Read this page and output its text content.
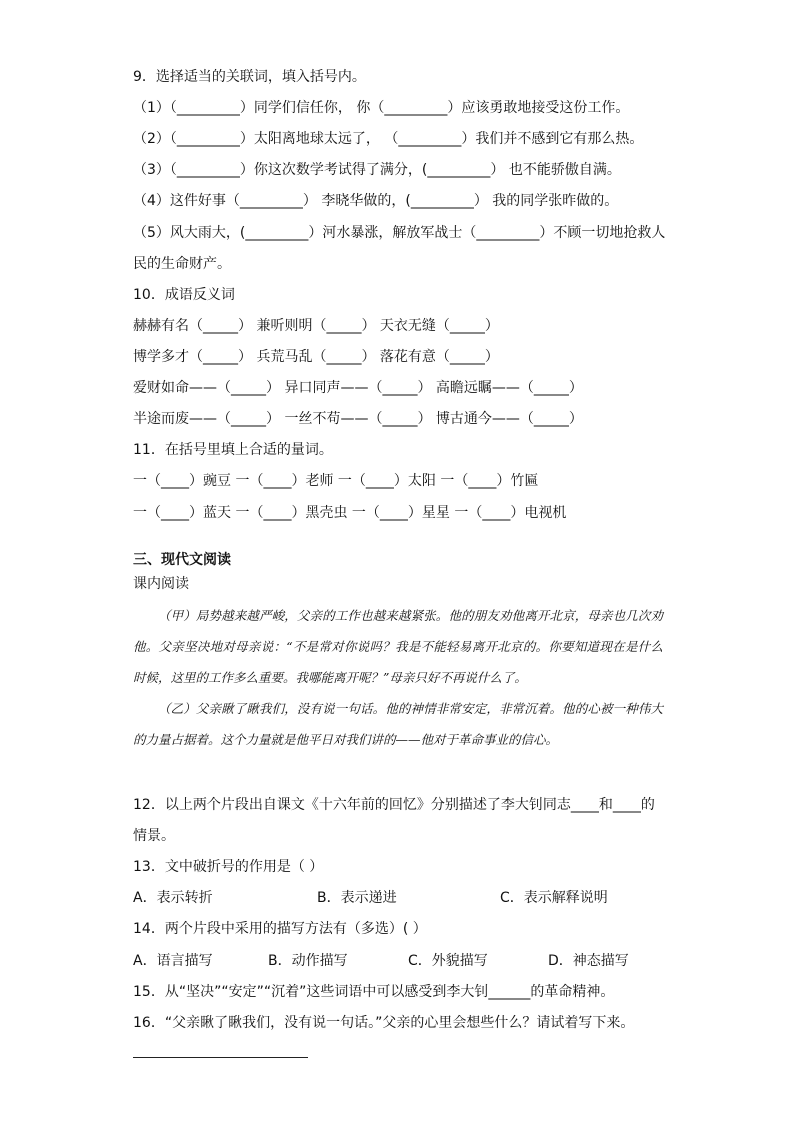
9．选择适当的关联词，填入括号内。
（1）（_________）同学们信任你， 你（_________）应该勇敢地接受这份工作。
（2）（_________）太阳离地球太远了， （_________）我们并不感到它有那么热。
（3）（_________）你这次数学考试得了满分，(_________） 也不能骄傲自满。
（4）这件好事（_________） 李晓华做的，(_________） 我的同学张昨做的。
（5）风大雨大，(_________）河水暴涨，解放军战士（_________）不顾一切地抢救人
民的生命财产。
10．成语反义词
赫赫有名（_____） 兼听则明（_____） 天衣无缝（_____）
博学多才（_____） 兵荒马乱（_____） 落花有意（_____）
爱财如命——（_____） 异口同声——（_____） 高瞻远瞩——（_____）
半途而废——（_____） 一丝不苟——（_____） 博古通今——（_____）
11．在括号里填上合适的量词。
一（____）豌豆 一（____）老师 一（____）太阳 一（____）竹匾
一（____）蓝天 一（____）黑壳虫 一（____）星星 一（____）电视机
三、现代文阅读
课内阅读

（甲）局势越来越严峻，父亲的工作也越来越紧张。他的朋友劝他离开北京，母亲也几次劝他。父亲坚决地对母亲说：“不是常对你说吗？我是不能轻易离开北京的。你要知道现在是什么时候，这里的工作多么重要。我哪能离开呢？”母亲只好不再说什么了。

（乙）父亲瞅了瞅我们，没有说一句话。他的神情非常安定，非常沉着。他的心被一种伟大的力量占据着。这个力量就是他平日对我们讲的——他对于革命事业的信心。

12．以上两个片段出自课文《十六年前的回忆》分别描述了李大钊同志____和____的
情景。
13．文中破折号的作用是（ ）
A．表示转折	B．表示递进	C．表示解释说明
14．两个片段中采用的描写方法有（多选）( ）
A．语言描写	B．动作描写	C．外貌描写	D．神态描写
15．从“坚决”“安定”“沉着”这些词语中可以感受到李大钊______的革命精神。
16．“父亲瞅了瞅我们，没有说一句话。”父亲的心里会想些什么？请试着写下来。
